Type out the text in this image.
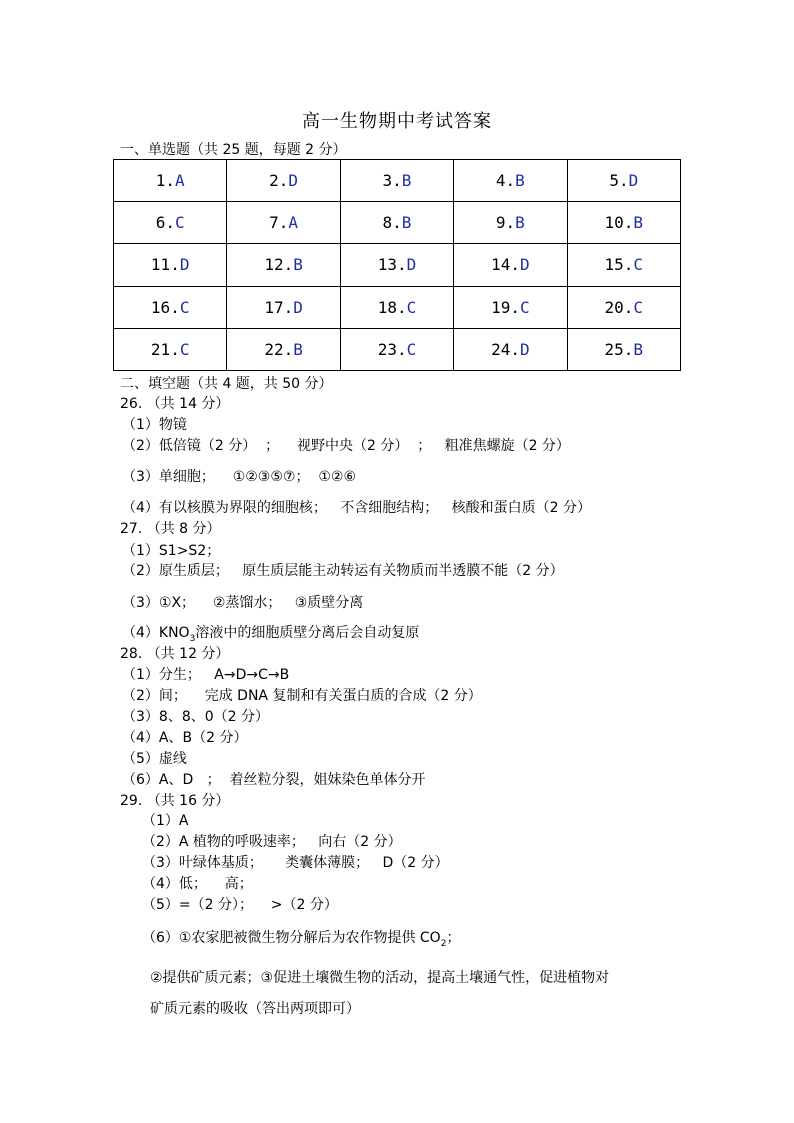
高一生物期中考试答案
一、单选题（共 25 题，每题 2 分）
1.A	2.D	3.B	4.B	5.D
6.C	7.A	8.B	9.B	10.B
11.D	12.B	13.D	14.D	15.C
16.C	17.D	18.C	19.C	20.C
21.C	22.B	23.C	24.D	25.B
二、填空题（共 4 题，共 50 分）
26. （共 14 分）
（1）物镜
（2）低倍镜（2 分）  ；    视野中央（2 分）  ；   粗准焦螺旋（2 分）
（3）单细胞；    ①②③⑤⑦；  ①②⑥
（4）有以核膜为界限的细胞核；   不含细胞结构；   核酸和蛋白质（2 分）
27. （共 8 分）
（1）S1>S2；
（2）原生质层；   原生质层能主动转运有关物质而半透膜不能（2 分）
（3）①X；    ②蒸馏水；   ③质壁分离
$(4)KNO_3$溶液中的细胞质壁分离后会自动复原
28. （共 12 分）
（1）分生；   A→D→C→B
（2）间；    完成 DNA 复制和有关蛋白质的合成（2 分）
（3）8、8、0（2 分）
（4）A、B（2 分）
（5）虚线
（6）A、D   ；  着丝粒分裂，姐妹染色单体分开
29. （共 16 分）
（1）A
（2）A 植物的呼吸速率；   向右（2 分）
（3）叶绿体基质；     类囊体薄膜；   D（2 分）
（4）低；    高；
（5）=（2 分）；    >（2 分）
（6）①农家肥被微生物分解后为农作物提供 $CO_2$；
②提供矿质元素；③促进土壤微生物的活动，提高土壤通气性，促进植物对
矿质元素的吸收（答出两项即可）
